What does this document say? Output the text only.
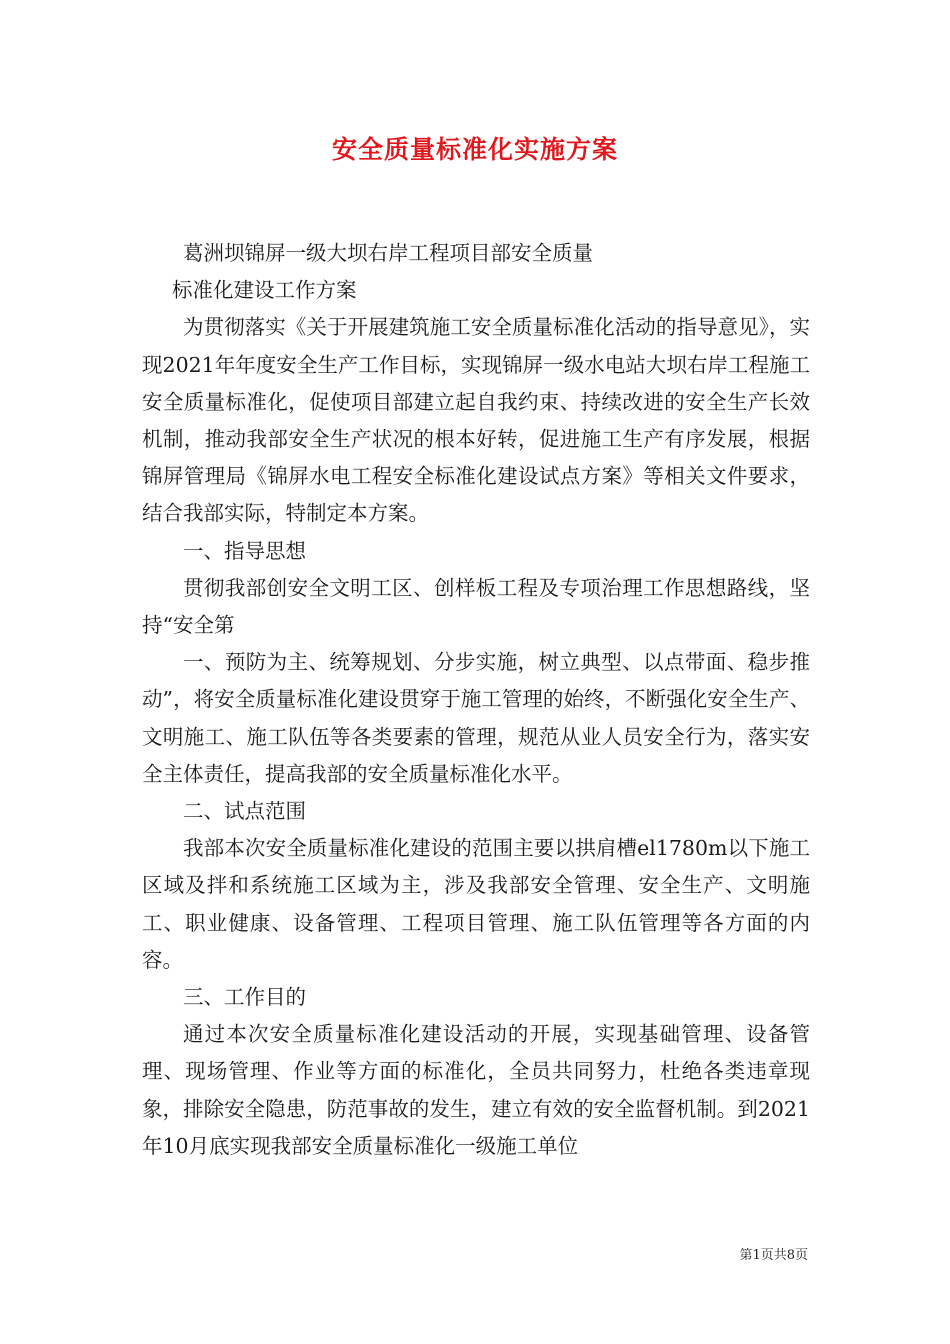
安全质量标准化实施方案

葛洲坝锦屏一级大坝右岸工程项目部安全质量

标准化建设工作方案

为贯彻落实《关于开展建筑施工安全质量标准化活动的指导意见》，实现2021年年度安全生产工作目标，实现锦屏一级水电站大坝右岸工程施工安全质量标准化，促使项目部建立起自我约束、持续改进的安全生产长效机制，推动我部安全生产状况的根本好转，促进施工生产有序发展，根据锦屏管理局《锦屏水电工程安全标准化建设试点方案》等相关文件要求，结合我部实际，特制定本方案。

一、指导思想

贯彻我部创安全文明工区、创样板工程及专项治理工作思想路线，坚持“安全第

一、预防为主、统筹规划、分步实施，树立典型、以点带面、稳步推动”，将安全质量标准化建设贯穿于施工管理的始终，不断强化安全生产、文明施工、施工队伍等各类要素的管理，规范从业人员安全行为，落实安全主体责任，提高我部的安全质量标准化水平。

二、试点范围

我部本次安全质量标准化建设的范围主要以拱肩槽el1780m以下施工区域及拌和系统施工区域为主，涉及我部安全管理、安全生产、文明施工、职业健康、设备管理、工程项目管理、施工队伍管理等各方面的内容。

三、工作目的

通过本次安全质量标准化建设活动的开展，实现基础管理、设备管理、现场管理、作业等方面的标准化，全员共同努力，杜绝各类违章现象，排除安全隐患，防范事故的发生，建立有效的安全监督机制。到2021年10月底实现我部安全质量标准化一级施工单位

第1页共8页
